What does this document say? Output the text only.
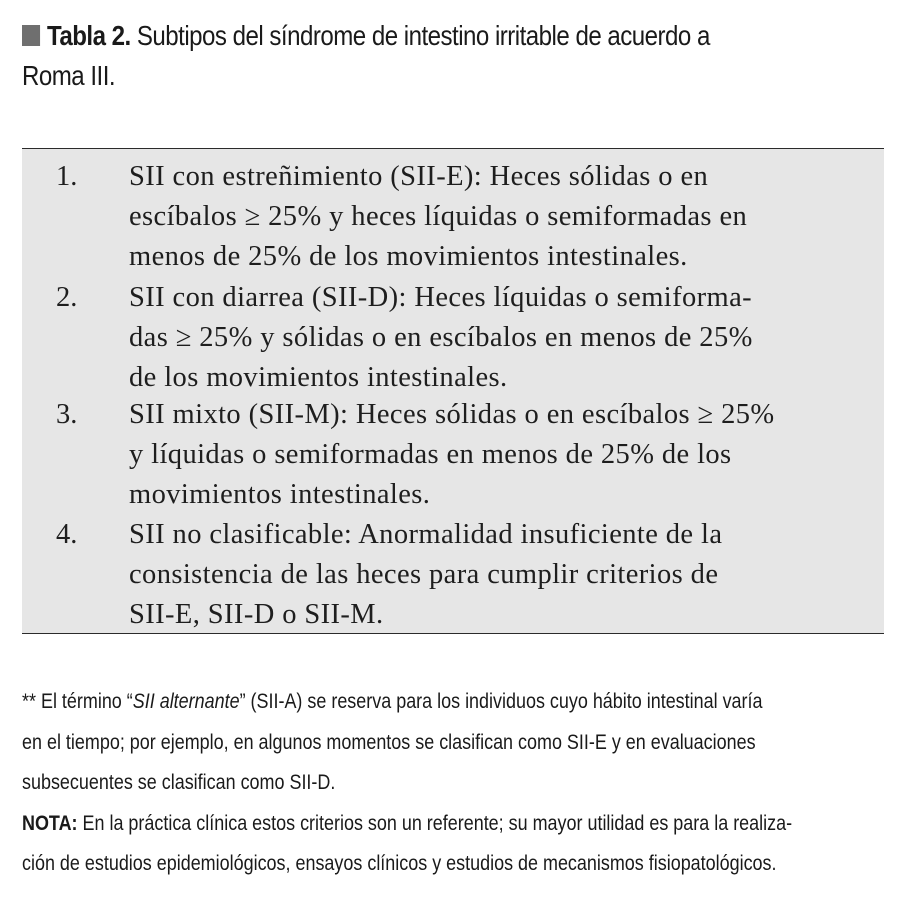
Tabla 2. Subtipos del síndrome de intestino irritable de acuerdo a
Roma III.
1. SII con estreñimiento (SII-E): Heces sólidas o en
escíbalos ≥ 25% y heces líquidas o semiformadas en
menos de 25% de los movimientos intestinales.
2. SII con diarrea (SII-D): Heces líquidas o semiforma-
das ≥ 25% y sólidas o en escíbalos en menos de 25%
de los movimientos intestinales.
3. SII mixto (SII-M): Heces sólidas o en escíbalos ≥ 25%
y líquidas o semiformadas en menos de 25% de los
movimientos intestinales.
4. SII no clasificable: Anormalidad insuficiente de la
consistencia de las heces para cumplir criterios de
SII-E, SII-D o SII-M.

** El término “SII alternante” (SII-A) se reserva para los individuos cuyo hábito intestinal varía
en el tiempo; por ejemplo, en algunos momentos se clasifican como SII-E y en evaluaciones
subsecuentes se clasifican como SII-D.

NOTA: En la práctica clínica estos criterios son un referente; su mayor utilidad es para la realiza-
ción de estudios epidemiológicos, ensayos clínicos y estudios de mecanismos fisiopatológicos.
